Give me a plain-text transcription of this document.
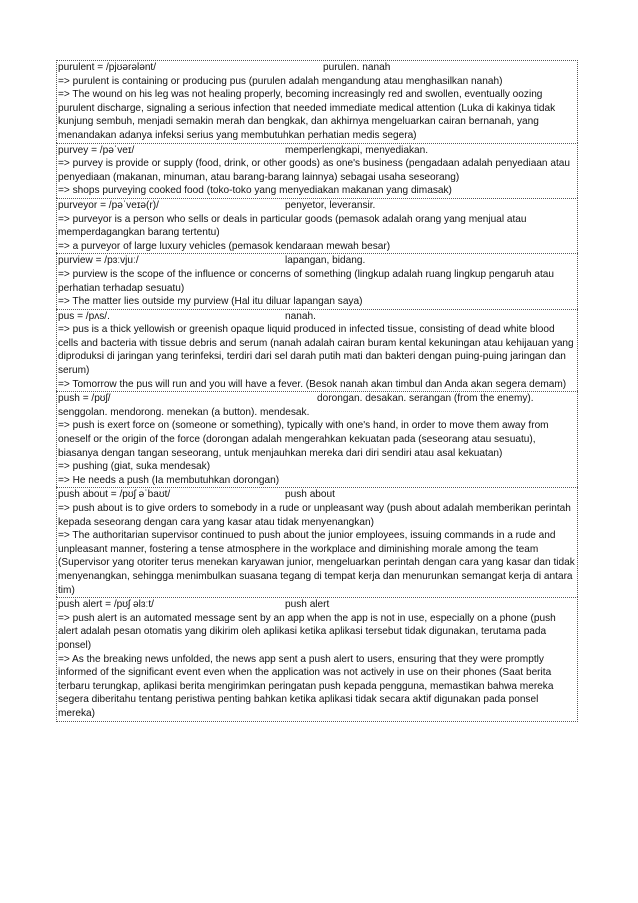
purulent = /pjʊərələnt/	purulen. nanah
=> purulent is containing or producing pus (purulen adalah mengandung atau menghasilkan nanah)
=> The wound on his leg was not healing properly, becoming increasingly red and swollen, eventually oozing purulent discharge, signaling a serious infection that needed immediate medical attention (Luka di kakinya tidak kunjung sembuh, menjadi semakin merah dan bengkak, dan akhirnya mengeluarkan cairan bernanah, yang menandakan adanya infeksi serius yang membutuhkan perhatian medis segera)
purvey = /pəˈveɪ/	memperlengkapi, menyediakan.
=> purvey is provide or supply (food, drink, or other goods) as one's business (pengadaan adalah penyediaan atau penyediaan (makanan, minuman, atau barang-barang lainnya) sebagai usaha seseorang)
=> shops purveying cooked food (toko-toko yang menyediakan makanan yang dimasak)
purveyor = /pəˈveɪə(r)/	penyetor, leveransir.
=> purveyor is a person who sells or deals in particular goods (pemasok adalah orang yang menjual atau memperdagangkan barang tertentu)
=> a purveyor of large luxury vehicles (pemasok kendaraan mewah besar)
purview = /pɜːvjuː/	lapangan, bidang.
=> purview is the scope of the influence or concerns of something (lingkup adalah ruang lingkup pengaruh atau perhatian terhadap sesuatu)
=> The matter lies outside my purview (Hal itu diluar lapangan saya)
pus = /pʌs/.	nanah.
=> pus is a thick yellowish or greenish opaque liquid produced in infected tissue, consisting of dead white blood cells and bacteria with tissue debris and serum (nanah adalah cairan buram kental kekuningan atau kehijauan yang diproduksi di jaringan yang terinfeksi, terdiri dari sel darah putih mati dan bakteri dengan puing-puing jaringan dan serum)
=> Tomorrow the pus will run and you will have a fever. (Besok nanah akan timbul dan Anda akan segera demam)
push = /pʊʃ/	dorongan. desakan. serangan (from the enemy).
senggolan. mendorong. menekan (a button). mendesak.
=> push is exert force on (someone or something), typically with one's hand, in order to move them away from oneself or the origin of the force (dorongan adalah mengerahkan kekuatan pada (seseorang atau sesuatu), biasanya dengan tangan seseorang, untuk menjauhkan mereka dari diri sendiri atau asal kekuatan)
=> pushing (giat, suka mendesak)
=> He needs a push (Ia membutuhkan dorongan)
push about = /pʊʃ əˈbaʊt/	push about
=> push about is to give orders to somebody in a rude or unpleasant way (push about adalah memberikan perintah kepada seseorang dengan cara yang kasar atau tidak menyenangkan)
=> The authoritarian supervisor continued to push about the junior employees, issuing commands in a rude and unpleasant manner, fostering a tense atmosphere in the workplace and diminishing morale among the team (Supervisor yang otoriter terus menekan karyawan junior, mengeluarkan perintah dengan cara yang kasar dan tidak menyenangkan, sehingga menimbulkan suasana tegang di tempat kerja dan menurunkan semangat kerja di antara tim)
push alert = /pʊʃ əlɜːt/	push alert
=> push alert is an automated message sent by an app when the app is not in use, especially on a phone (push alert adalah pesan otomatis yang dikirim oleh aplikasi ketika aplikasi tersebut tidak digunakan, terutama pada ponsel)
=> As the breaking news unfolded, the news app sent a push alert to users, ensuring that they were promptly informed of the significant event even when the application was not actively in use on their phones (Saat berita terbaru terungkap, aplikasi berita mengirimkan peringatan push kepada pengguna, memastikan bahwa mereka segera diberitahu tentang peristiwa penting bahkan ketika aplikasi tidak secara aktif digunakan pada ponsel mereka)
